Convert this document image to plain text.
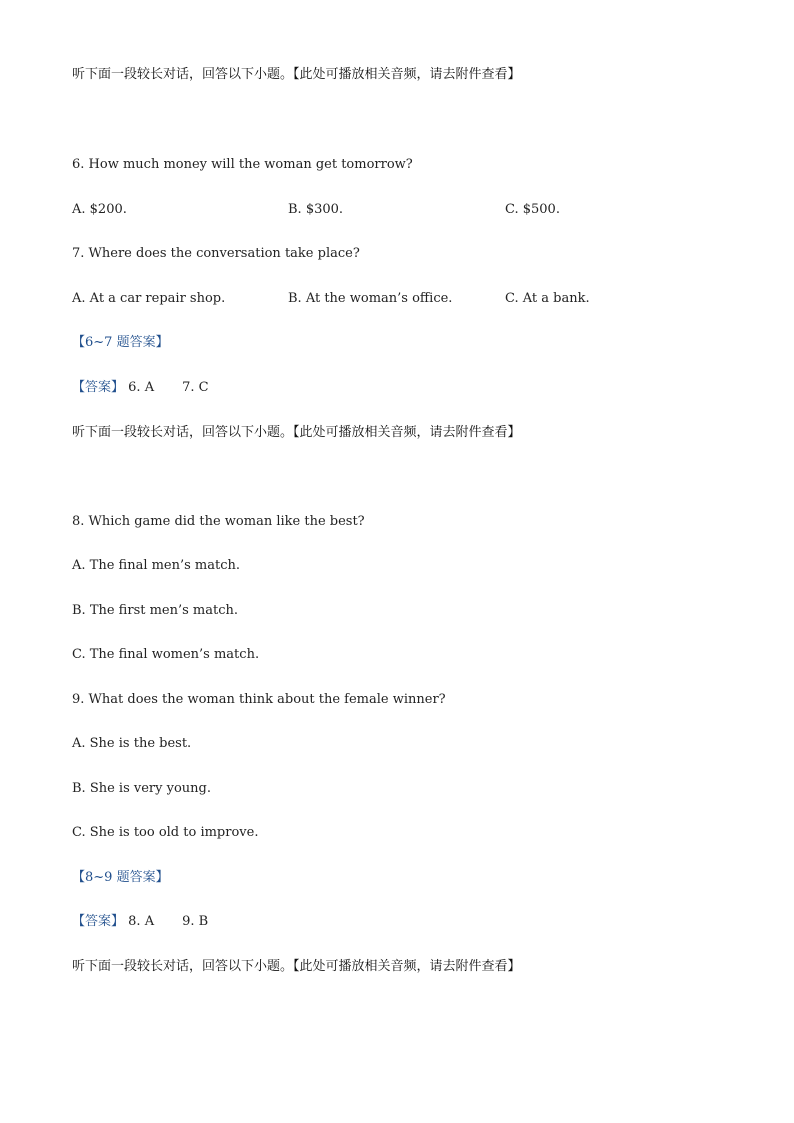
听下面一段较长对话，回答以下小题。【此处可播放相关音频，请去附件查看】
6. How much money will the woman get tomorrow?
A. $200.	B. $300.	C. $500.
7. Where does the conversation take place?
A. At a car repair shop.	B. At the woman’s office.	C. At a bank.
【6~7 题答案】
【答案】 6. A 7. C
听下面一段较长对话，回答以下小题。【此处可播放相关音频，请去附件查看】
8. Which game did the woman like the best?
A. The final men’s match.
B. The first men’s match.
C. The final women’s match.
9. What does the woman think about the female winner?
A. She is the best.
B. She is very young.
C. She is too old to improve.
【8~9 题答案】
【答案】 8. A 9. B
听下面一段较长对话，回答以下小题。【此处可播放相关音频，请去附件查看】
